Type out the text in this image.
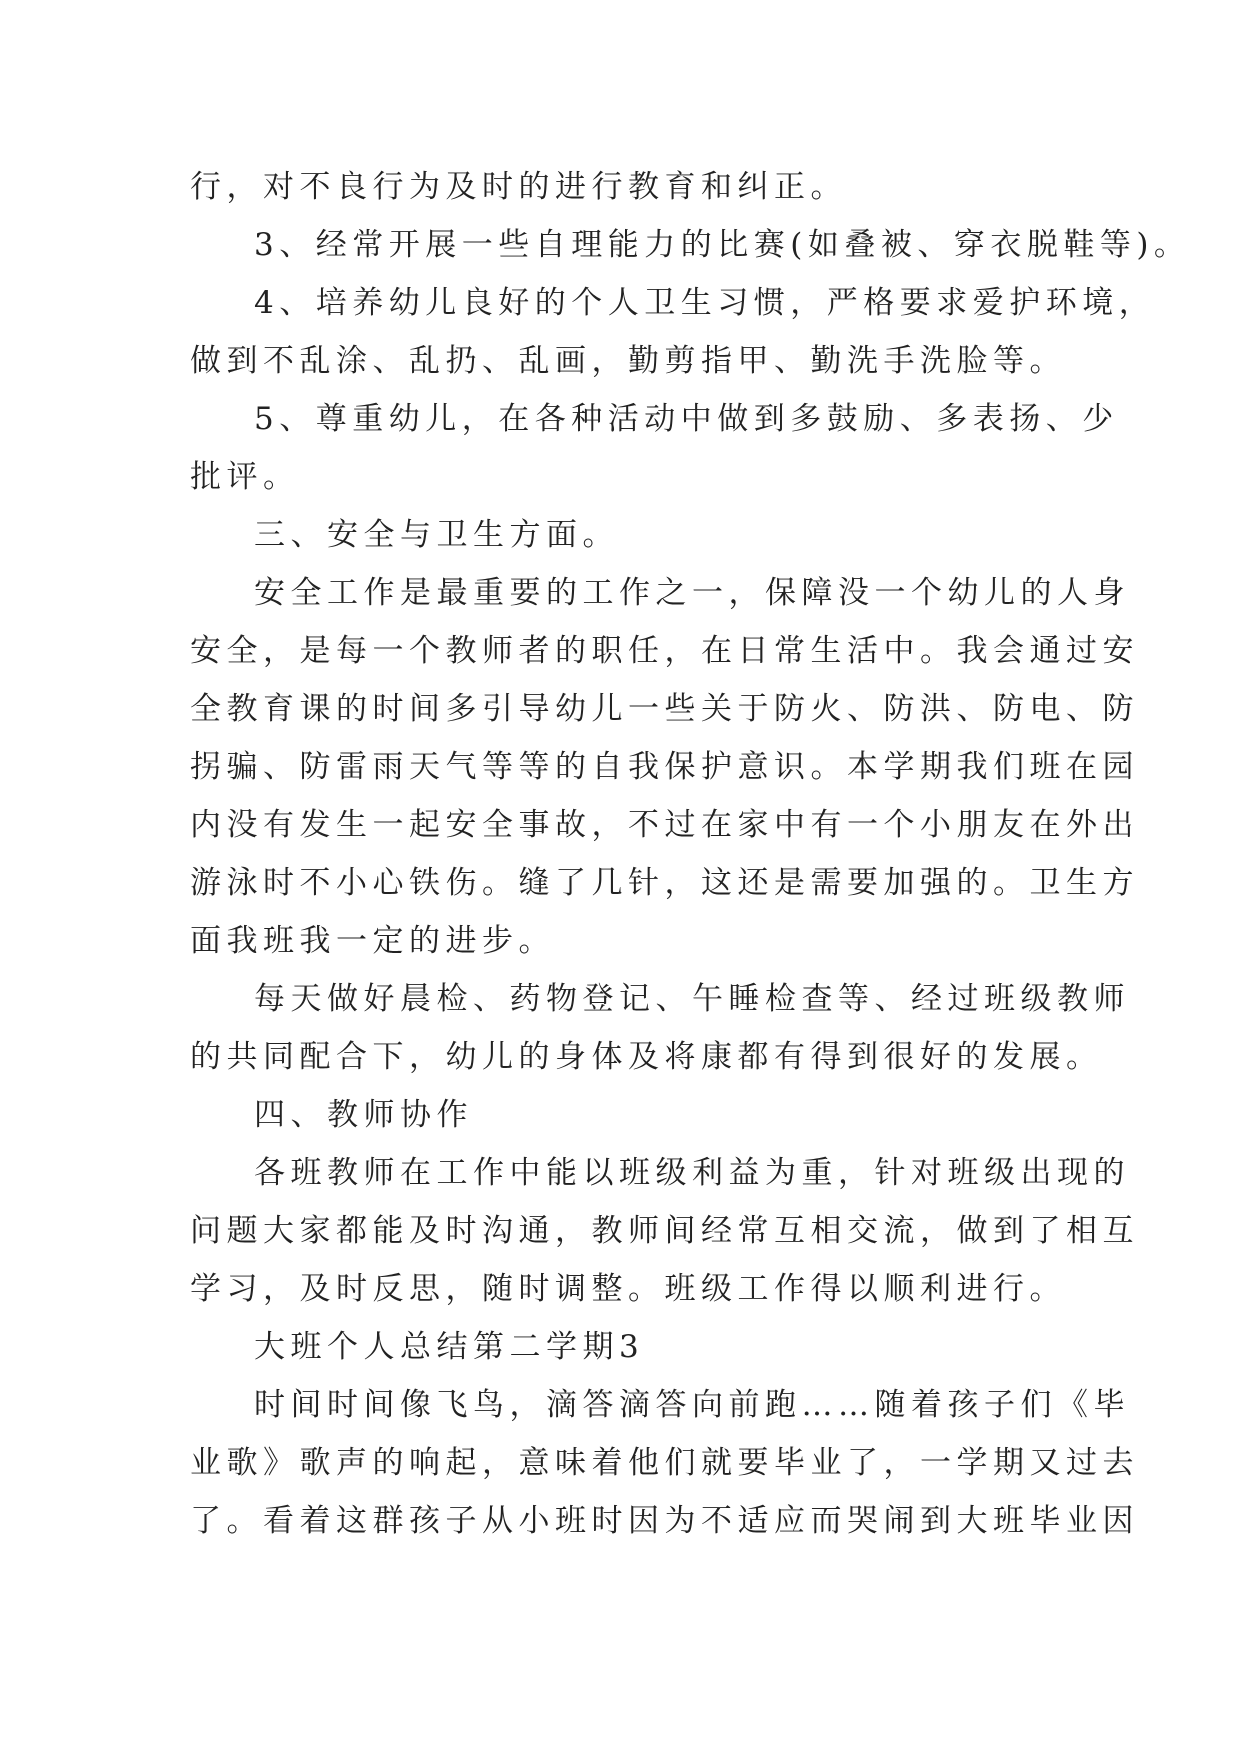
行，对不良行为及时的进行教育和纠正。

3、经常开展一些自理能力的比赛(如叠被、穿衣脱鞋等)。

4、培养幼儿良好的个人卫生习惯，严格要求爱护环境，

做到不乱涂、乱扔、乱画，勤剪指甲、勤洗手洗脸等。

5、尊重幼儿，在各种活动中做到多鼓励、多表扬、少

批评。

三、安全与卫生方面。

安全工作是最重要的工作之一，保障没一个幼儿的人身

安全，是每一个教师者的职任，在日常生活中。我会通过安

全教育课的时间多引导幼儿一些关于防火、防洪、防电、防

拐骗、防雷雨天气等等的自我保护意识。本学期我们班在园

内没有发生一起安全事故，不过在家中有一个小朋友在外出

游泳时不小心铁伤。缝了几针，这还是需要加强的。卫生方

面我班我一定的进步。

每天做好晨检、药物登记、午睡检查等、经过班级教师

的共同配合下，幼儿的身体及将康都有得到很好的发展。

四、教师协作

各班教师在工作中能以班级利益为重，针对班级出现的

问题大家都能及时沟通，教师间经常互相交流，做到了相互

学习，及时反思，随时调整。班级工作得以顺利进行。

大班个人总结第二学期3

时间时间像飞鸟，滴答滴答向前跑……随着孩子们《毕

业歌》歌声的响起，意味着他们就要毕业了，一学期又过去

了。看着这群孩子从小班时因为不适应而哭闹到大班毕业因
